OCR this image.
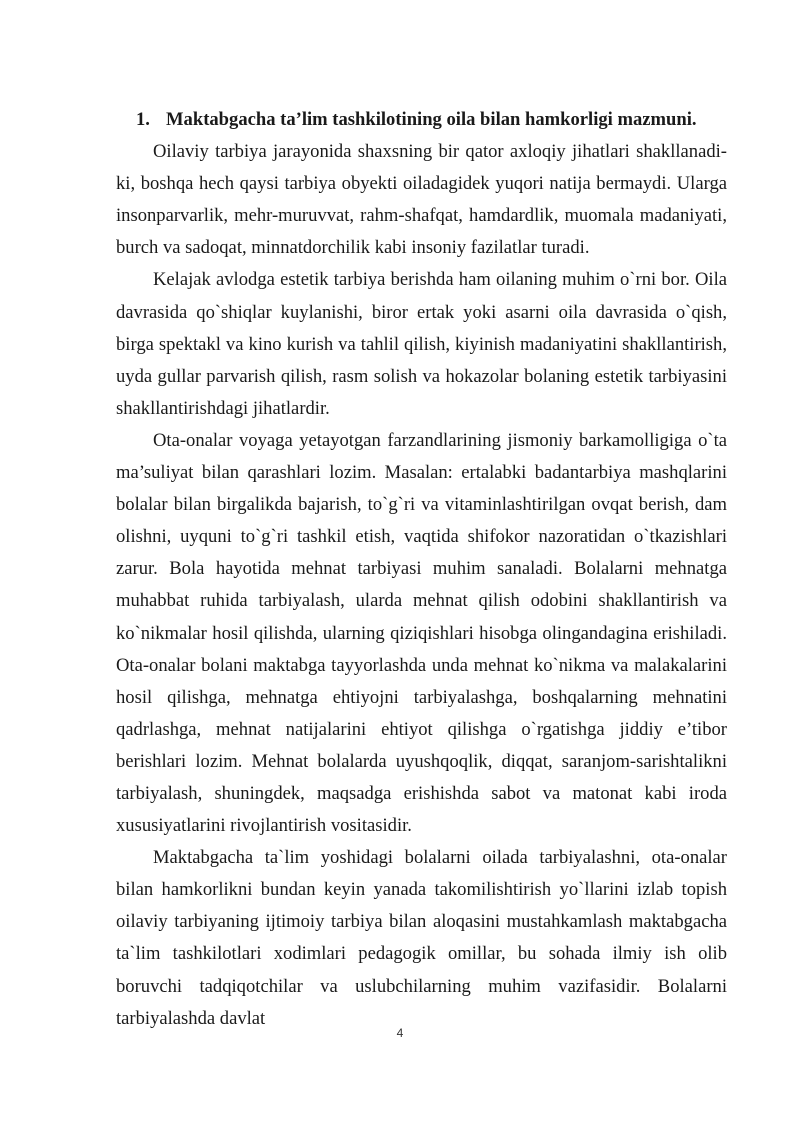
1. Maktabgacha ta’lim tashkilotining oila bilan hamkorligi mazmuni.

Oilaviy tarbiya jarayonida shaxsning bir qator axloqiy jihatlari shakllanadi-ki, boshqa hech qaysi tarbiya obyekti oiladagidek yuqori natija bermaydi. Ularga insonparvarlik, mehr-muruvvat, rahm-shafqat, hamdardlik, muomala madaniyati, burch va sadoqat, minnatdorchilik kabi insoniy fazilatlar turadi.

Kelajak avlodga estetik tarbiya berishda ham oilaning muhim o`rni bor. Oila davrasida qo`shiqlar kuylanishi, biror ertak yoki asarni oila davrasida o`qish, birga spektakl va kino kurish va tahlil qilish, kiyinish madaniyatini shakllantirish, uyda gullar parvarish qilish, rasm solish va hokazolar bolaning estetik tarbiyasini shakllantirishdagi jihatlardir.

Ota-onalar voyaga yetayotgan farzandlarining jismoniy barkamolligiga o`ta ma’suliyat bilan qarashlari lozim. Masalan: ertalabki badantarbiya mashqlarini bolalar bilan birgalikda bajarish, to`g`ri va vitaminlashtirilgan ovqat berish, dam olishni, uyquni to`g`ri tashkil etish, vaqtida shifokor nazoratidan o`tkazishlari zarur. Bola hayotida mehnat tarbiyasi muhim sanaladi. Bolalarni mehnatga muhabbat ruhida tarbiyalash, ularda mehnat qilish odobini shakllantirish va ko`nikmalar hosil qilishda, ularning qiziqishlari hisobga olingandagina erishiladi. Ota-onalar bolani maktabga tayyorlashda unda mehnat ko`nikma va malakalarini hosil qilishga, mehnatga ehtiyojni tarbiyalashga, boshqalarning mehnatini qadrlashga, mehnat natijalarini ehtiyot qilishga o`rgatishga jiddiy e’tibor berishlari lozim. Mehnat bolalarda uyushqoqlik, diqqat, saranjom-sarishtalikni tarbiyalash, shuningdek, maqsadga erishishda sabot va matonat kabi iroda xususiyatlarini rivojlantirish vositasidir.

Maktabgacha ta`lim yoshidagi bolalarni oilada tarbiyalashni, ota-onalar bilan hamkorlikni bundan keyin yanada takomilishtirish yo`llarini izlab topish oilaviy tarbiyaning ijtimoiy tarbiya bilan aloqasini mustahkamlash maktabgacha ta`lim tashkilotlari xodimlari pedagogik omillar, bu sohada ilmiy ish olib boruvchi tadqiqotchilar va uslubchilarning muhim vazifasidir. Bolalarni tarbiyalashda davlat

4
